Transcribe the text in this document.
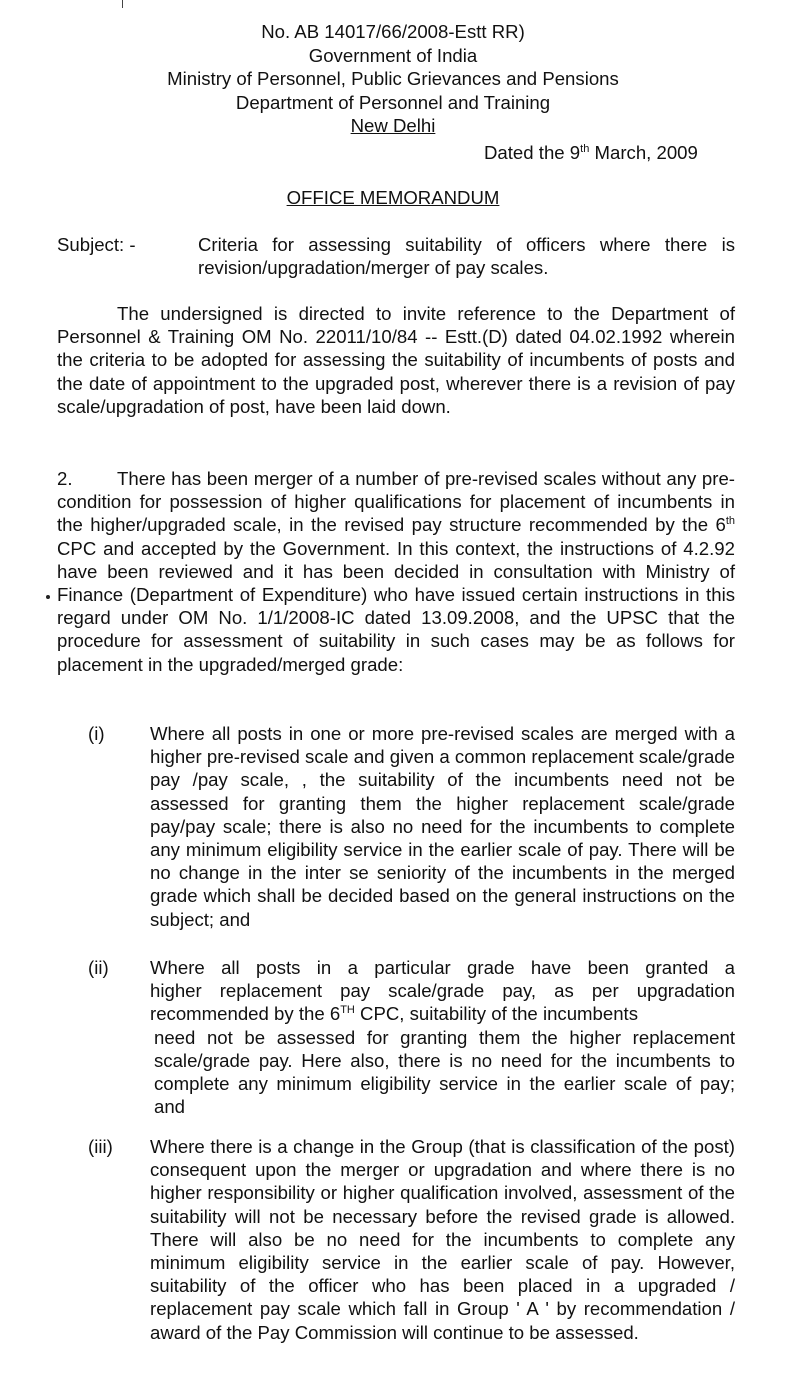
No. AB 14017/66/2008-Estt RR)
Government of India
Ministry of Personnel, Public Grievances and Pensions
Department of Personnel and Training
New Delhi
Dated the 9th March, 2009
OFFICE MEMORANDUM
Subject: -	Criteria for assessing suitability of officers where there is revision/upgradation/merger of pay scales.
The undersigned is directed to invite reference to the Department of Personnel & Training OM No. 22011/10/84 -- Estt.(D) dated 04.02.1992 wherein the criteria to be adopted for assessing the suitability of incumbents of posts and the date of appointment to the upgraded post, wherever there is a revision of pay scale/upgradation of post, have been laid down.
2. There has been merger of a number of pre-revised scales without any pre-condition for possession of higher qualifications for placement of incumbents in the higher/upgraded scale, in the revised pay structure recommended by the 6th CPC and accepted by the Government. In this context, the instructions of 4.2.92 have been reviewed and it has been decided in consultation with Ministry of Finance (Department of Expenditure) who have issued certain instructions in this regard under OM No. 1/1/2008-IC dated 13.09.2008, and the UPSC that the procedure for assessment of suitability in such cases may be as follows for placement in the upgraded/merged grade:
(i) Where all posts in one or more pre-revised scales are merged with a higher pre-revised scale and given a common replacement scale/grade pay /pay scale, , the suitability of the incumbents need not be assessed for granting them the higher replacement scale/grade pay/pay scale; there is also no need for the incumbents to complete any minimum eligibility service in the earlier scale of pay. There will be no change in the inter se seniority of the incumbents in the merged grade which shall be decided based on the general instructions on the subject; and
(ii) Where all posts in a particular grade have been granted a
higher replacement pay scale/grade pay, as per upgradation
recommended by the 6TH CPC, suitability of the incumbents
need not be assessed for granting them the higher replacement scale/grade pay. Here also, there is no need for the incumbents to complete any minimum eligibility service in the earlier scale of pay; and
(iii) Where there is a change in the Group (that is classification of the post) consequent upon the merger or upgradation and where there is no higher responsibility or higher qualification involved, assessment of the suitability will not be necessary before the revised grade is allowed. There will also be no need for the incumbents to complete any minimum eligibility service in the earlier scale of pay. However, suitability of the officer who has been placed in a upgraded / replacement pay scale which fall in Group ' A ' by recommendation / award of the Pay Commission will continue to be assessed.
